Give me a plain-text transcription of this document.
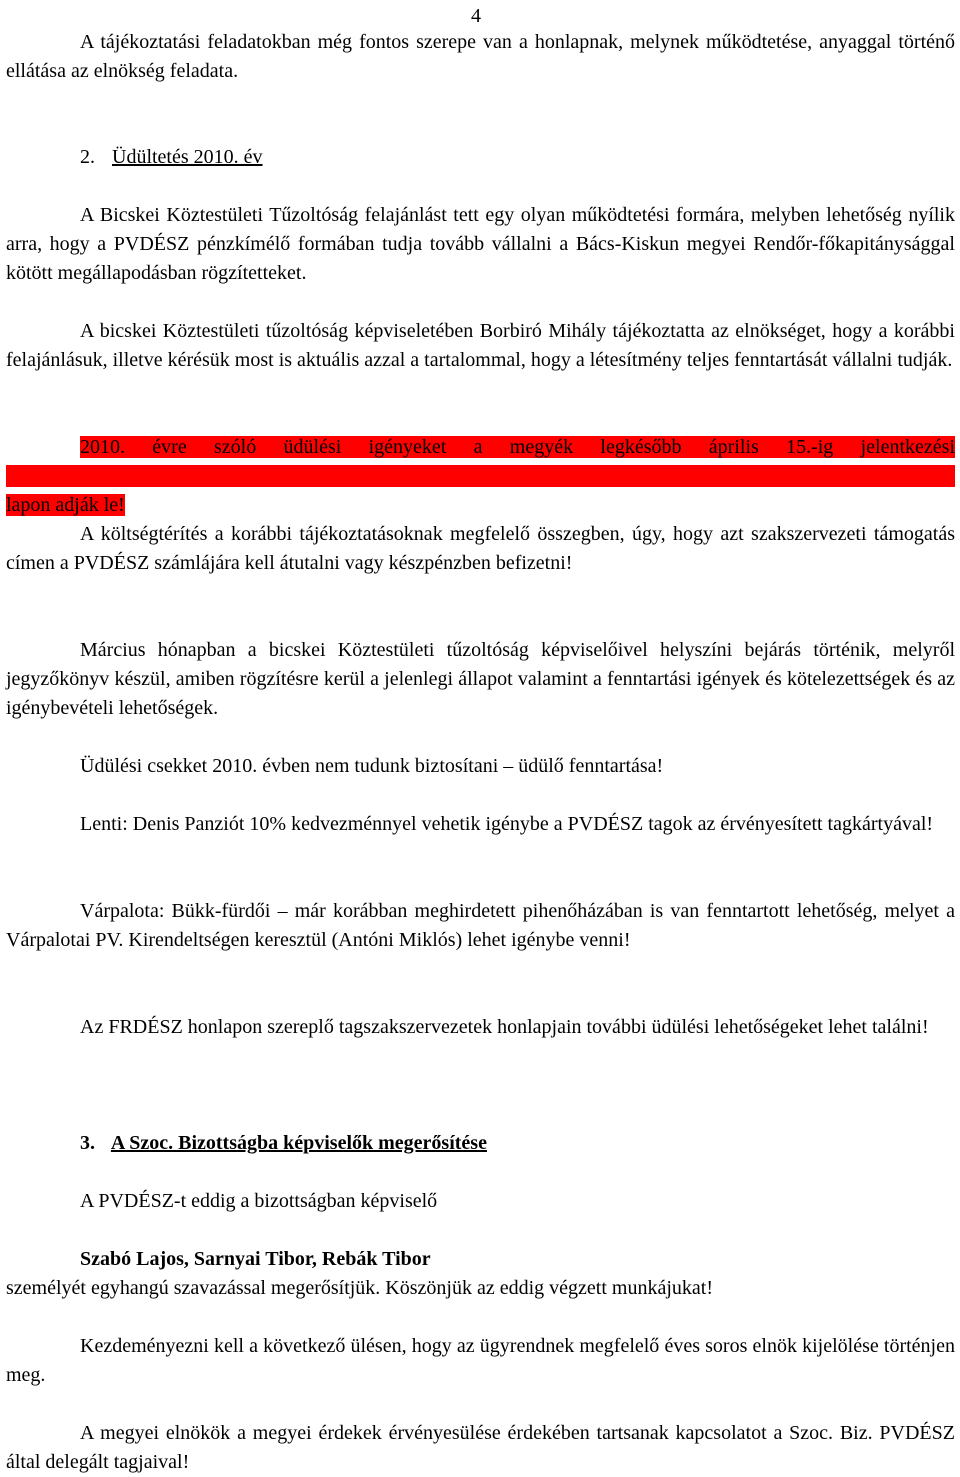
4

A tájékoztatási feladatokban még fontos szerepe van a honlapnak, melynek működtetése, anyaggal történő ellátása az elnökség feladata.

2. Üdültetés 2010. év

A Bicskei Köztestületi Tűzoltóság felajánlást tett egy olyan működtetési formára, melyben lehetőség nyílik arra, hogy a PVDÉSZ pénzkímélő formában tudja tovább vállalni a Bács-Kiskun megyei Rendőr-főkapitánysággal kötött megállapodásban rögzítetteket.

A bicskei Köztestületi tűzoltóság képviseletében Borbiró Mihály tájékoztatta az elnökséget, hogy a korábbi felajánlásuk, illetve kérésük most is aktuális azzal a tartalommal, hogy a létesítmény teljes fenntartását vállalni tudják.

2010. évre szóló üdülési igényeket a megyék legkésőbb április 15.-ig jelentkezési

lapon adják le!

A költségtérítés a korábbi tájékoztatásoknak megfelelő összegben, úgy, hogy azt szakszervezeti támogatás címen a PVDÉSZ számlájára kell átutalni vagy készpénzben befizetni!

Március hónapban a bicskei Köztestületi tűzoltóság képviselőivel helyszíni bejárás történik, melyről jegyzőkönyv készül, amiben rögzítésre kerül a jelenlegi állapot valamint a fenntartási igények és kötelezettségek és az igénybevételi lehetőségek.

Üdülési csekket 2010. évben nem tudunk biztosítani – üdülő fenntartása!

Lenti: Denis Panziót 10% kedvezménnyel vehetik igénybe a PVDÉSZ tagok az érvényesített tagkártyával!

Várpalota: Bükk-fürdői – már korábban meghirdetett pihenőházában is van fenntartott lehetőség, melyet a Várpalotai PV. Kirendeltségen keresztül (Antóni Miklós) lehet igénybe venni!

Az FRDÉSZ honlapon szereplő tagszakszervezetek honlapjain további üdülési lehetőségeket lehet találni!

3. A Szoc. Bizottságba képviselők megerősítése

A PVDÉSZ-t eddig a bizottságban képviselő

Szabó Lajos, Sarnyai Tibor, Rebák Tibor

személyét egyhangú szavazással megerősítjük. Köszönjük az eddig végzett munkájukat!

Kezdeményezni kell a következő ülésen, hogy az ügyrendnek megfelelő éves soros elnök kijelölése történjen meg.

A megyei elnökök a megyei érdekek érvényesülése érdekében tartsanak kapcsolatot a Szoc. Biz. PVDÉSZ által delegált tagjaival!
